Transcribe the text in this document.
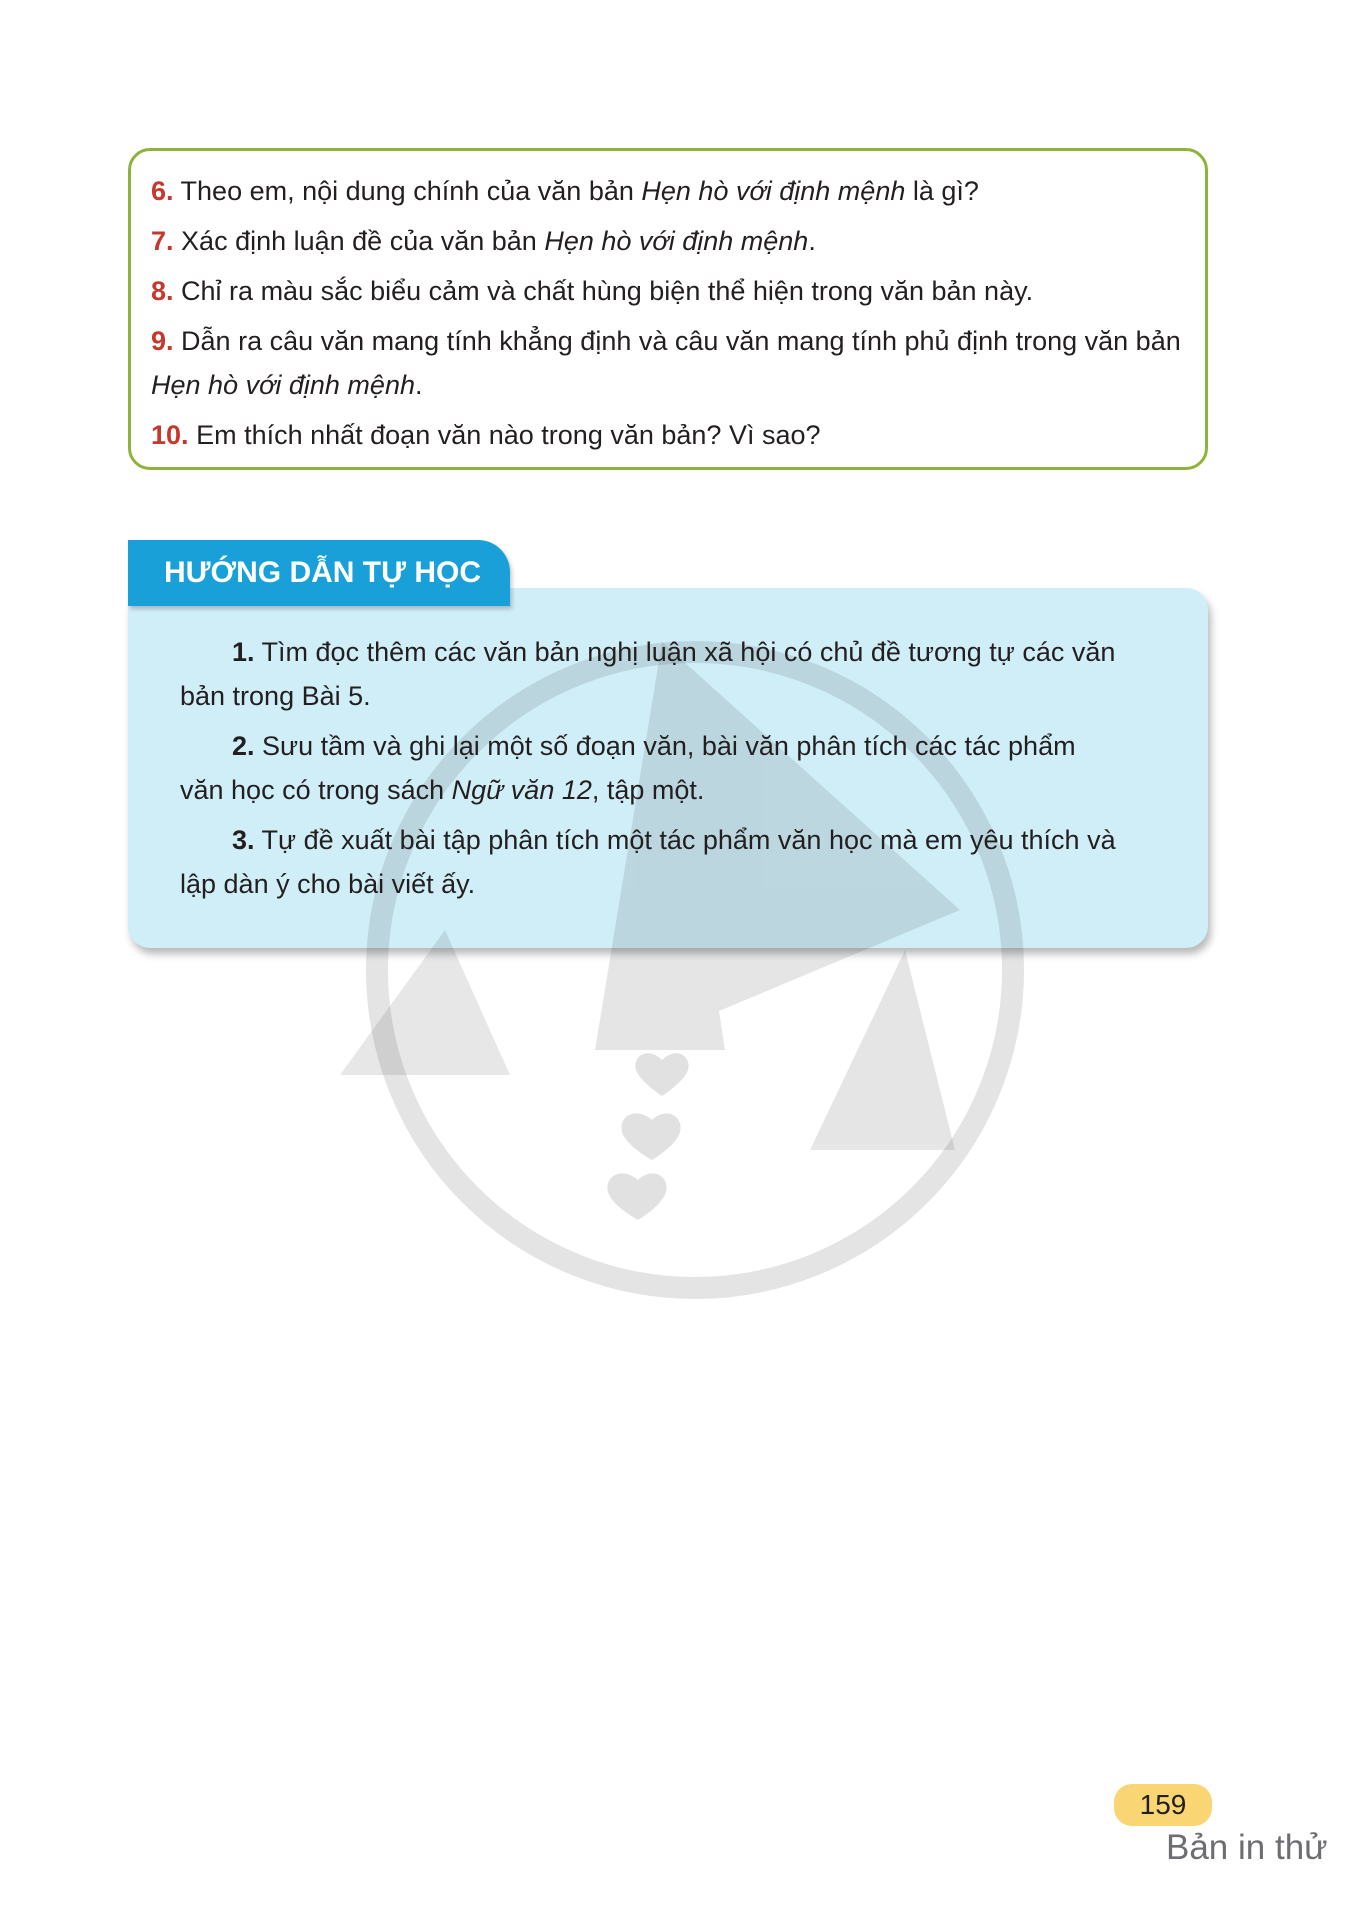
6. Theo em, nội dung chính của văn bản Hẹn hò với định mệnh là gì?

7. Xác định luận đề của văn bản Hẹn hò với định mệnh.

8. Chỉ ra màu sắc biểu cảm và chất hùng biện thể hiện trong văn bản này.

9. Dẫn ra câu văn mang tính khẳng định và câu văn mang tính phủ định trong văn bản

Hẹn hò với định mệnh.

10. Em thích nhất đoạn văn nào trong văn bản? Vì sao?

HƯỚNG DẪN TỰ HỌC

1. Tìm đọc thêm các văn bản nghị luận xã hội có chủ đề tương tự các văn

bản trong Bài 5.

2. Sưu tầm và ghi lại một số đoạn văn, bài văn phân tích các tác phẩm

văn học có trong sách Ngữ văn 12, tập một.

3. Tự đề xuất bài tập phân tích một tác phẩm văn học mà em yêu thích và

lập dàn ý cho bài viết ấy.

159
Bản in thử
